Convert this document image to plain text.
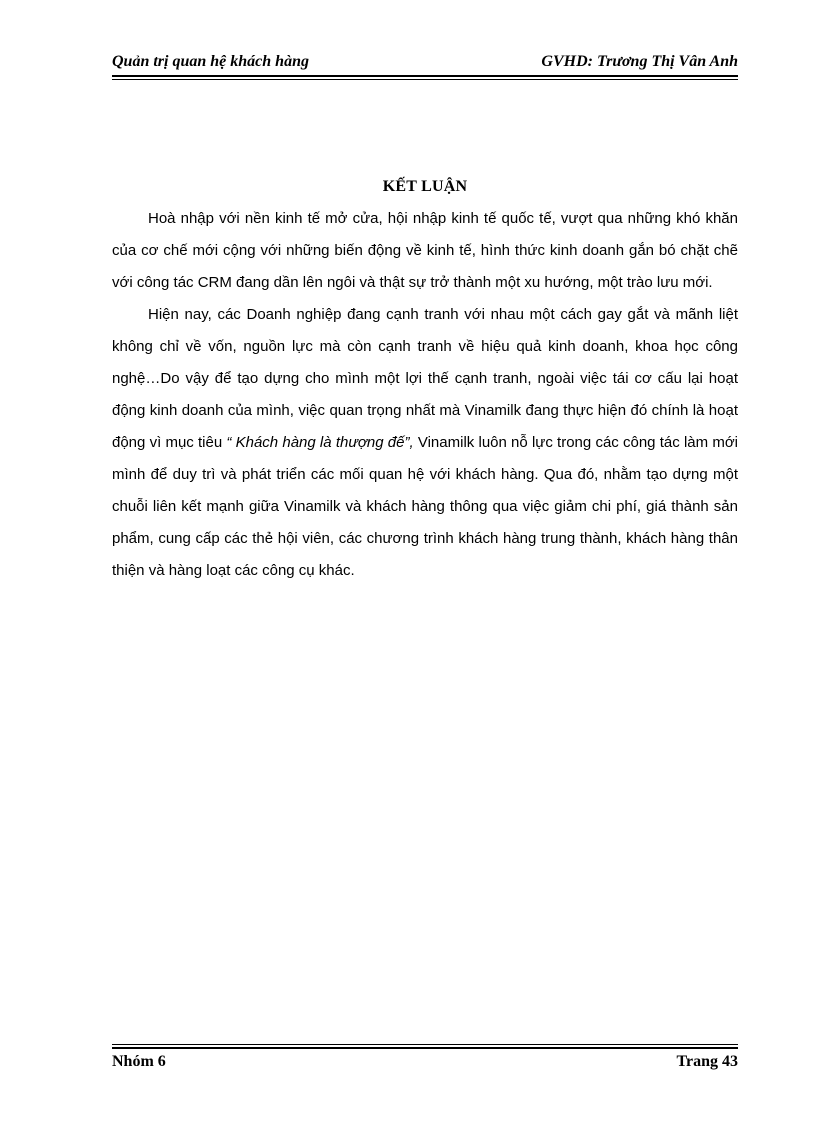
Quản trị quan hệ khách hàng	GVHD: Trương Thị Vân Anh
KẾT LUẬN

Hoà nhập với nền kinh tế mở cửa, hội nhập kinh tế quốc tế, vượt qua những khó khăn của cơ chế mới cộng với những biến động về kinh tế, hình thức kinh doanh gắn bó chặt chẽ với công tác CRM đang dần lên ngôi và thật sự trở thành một xu hướng, một trào lưu mới.

Hiện nay, các Doanh nghiệp đang cạnh tranh với nhau một cách gay gắt và mãnh liệt không chỉ về vốn, nguồn lực mà còn cạnh tranh về hiệu quả kinh doanh, khoa học công nghệ…Do vậy để tạo dựng cho mình một lợi thế cạnh tranh, ngoài việc tái cơ cấu lại hoạt động kinh doanh của mình, việc quan trọng nhất mà Vinamilk đang thực hiện đó chính là hoạt động vì mục tiêu “ Khách hàng là thượng đế”, Vinamilk luôn nỗ lực trong các công tác làm mới mình để duy trì và phát triển các mối quan hệ với khách hàng. Qua đó, nhằm tạo dựng một chuỗi liên kết mạnh giữa Vinamilk và khách hàng thông qua việc giảm chi phí, giá thành sản phẩm, cung cấp các thẻ hội viên, các chương trình khách hàng trung thành, khách hàng thân thiện và hàng loạt các công cụ khác.

Nhóm 6	Trang 43
